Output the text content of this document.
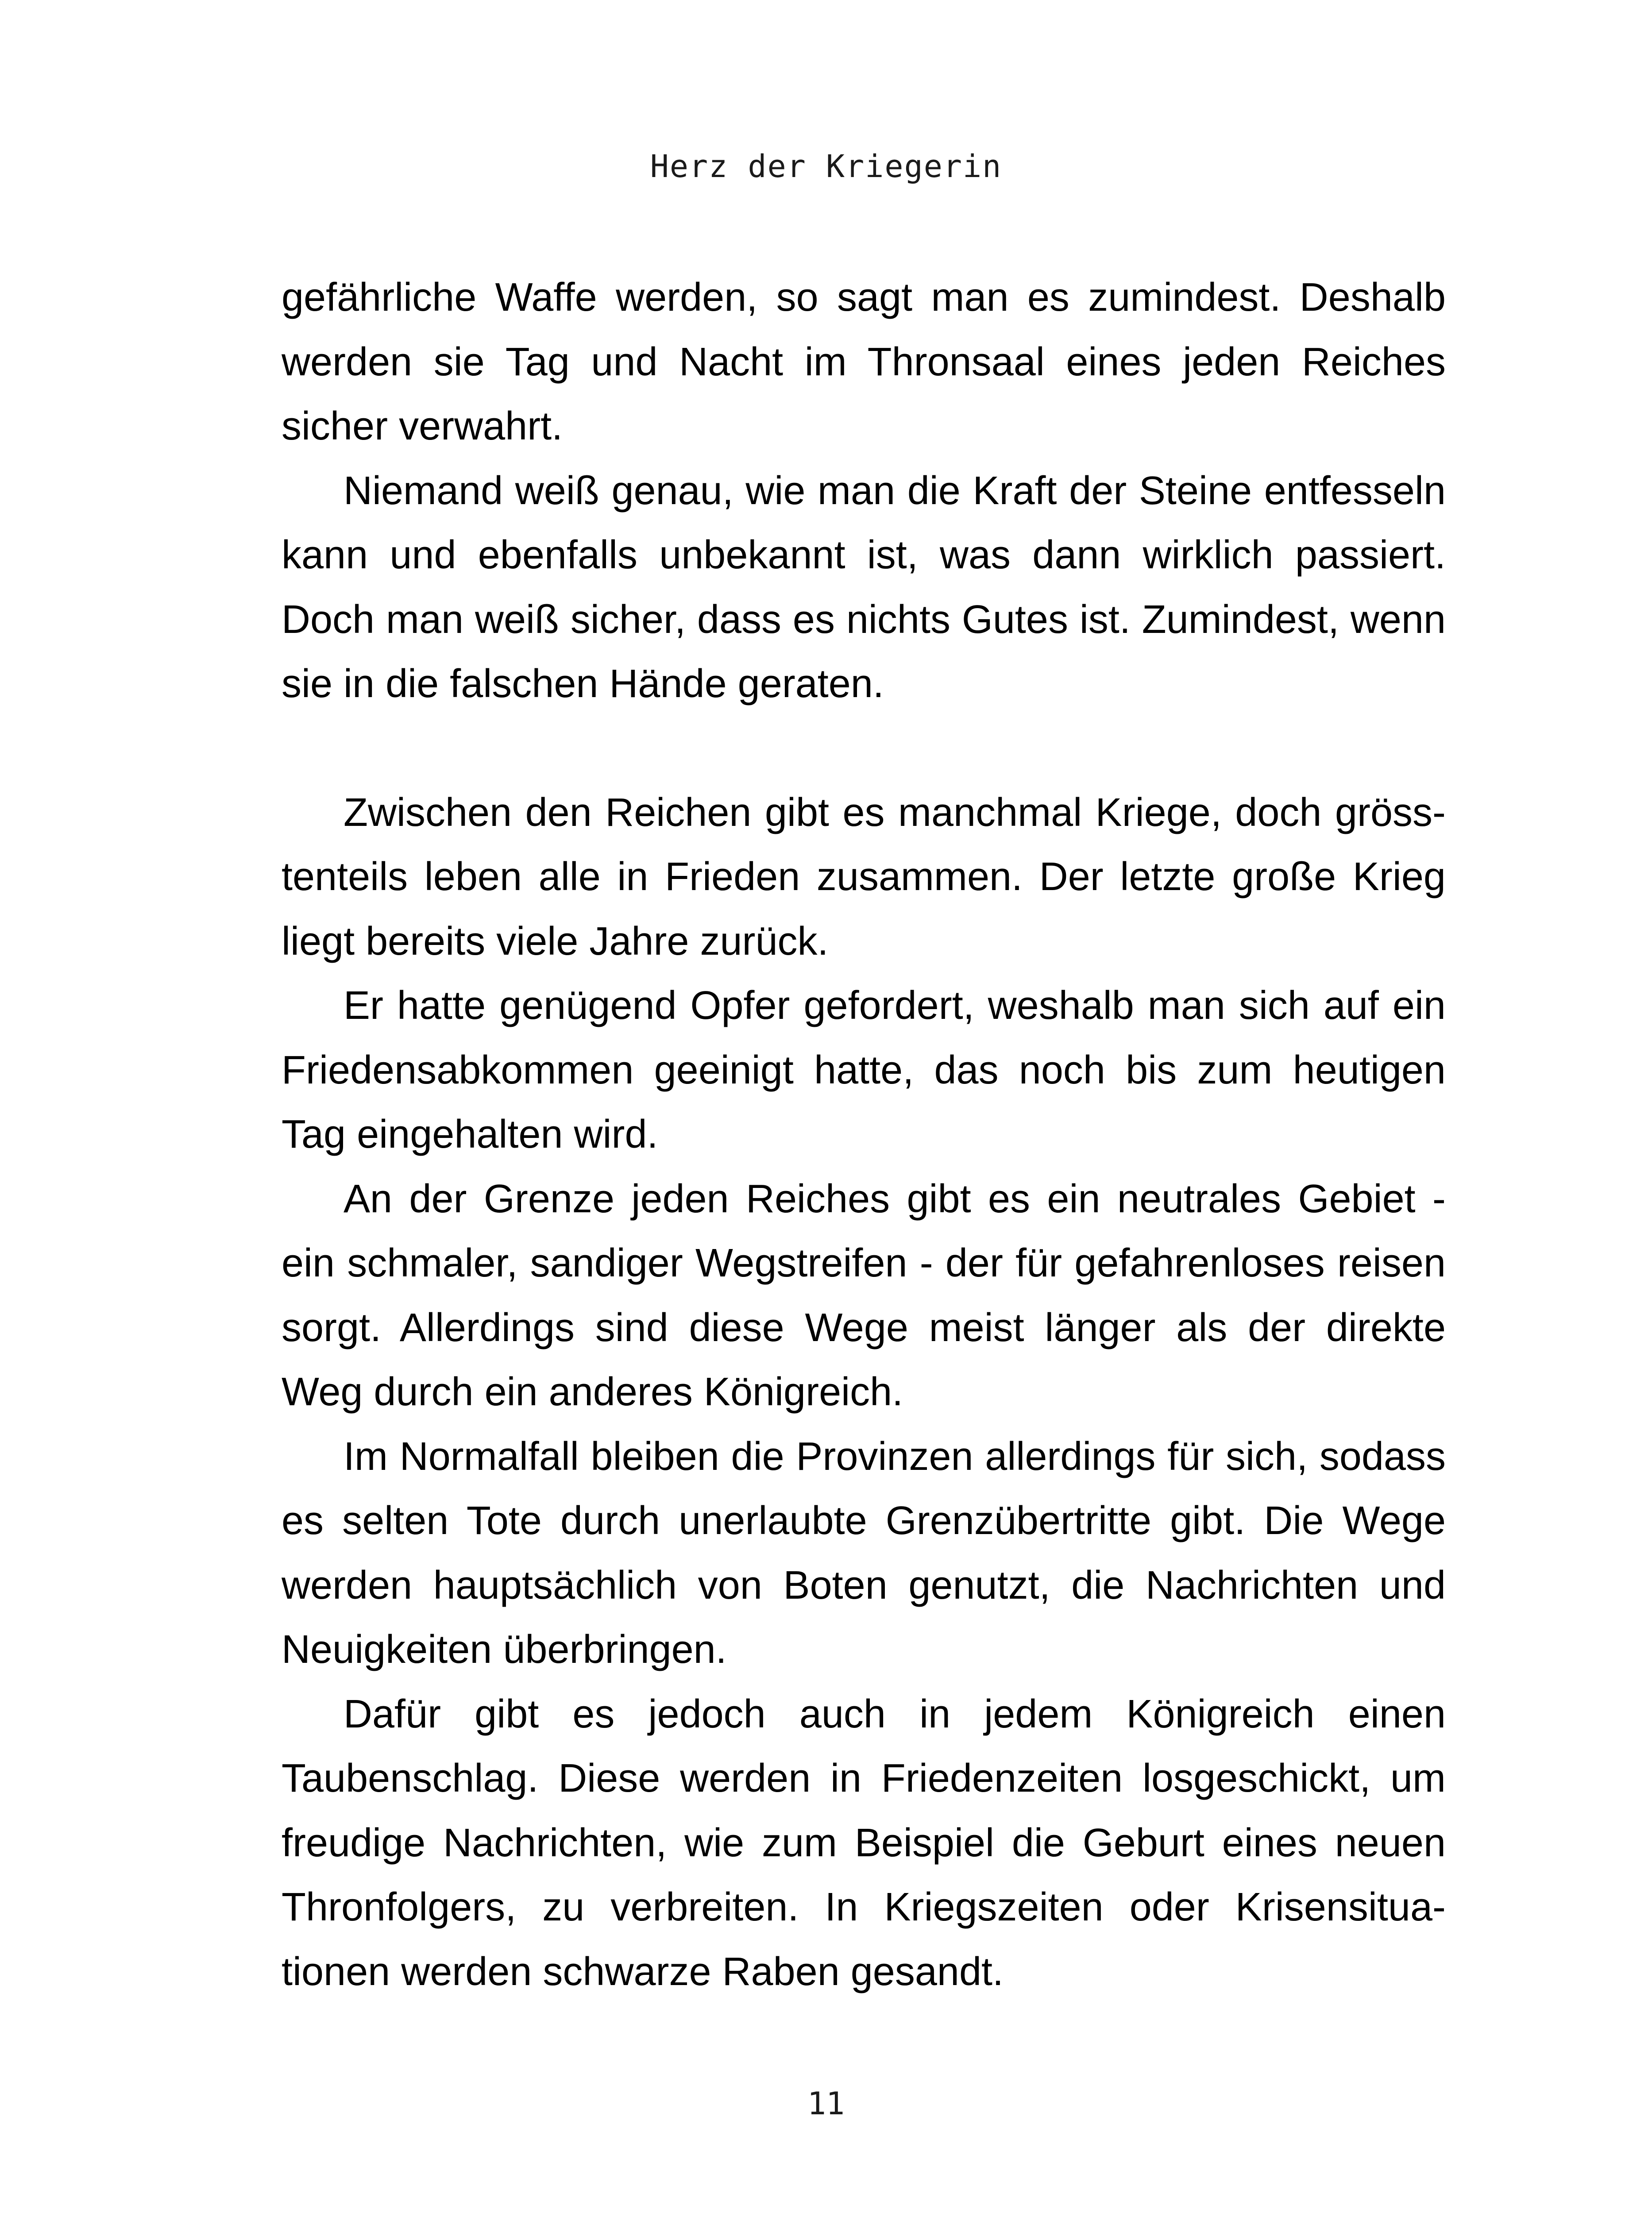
Herz der Kriegerin

gefährliche Waffe werden, so sagt man es zumindest. Deshalb werden sie Tag und Nacht im Thronsaal eines jeden Reiches sicher verwahrt.

Niemand weiß genau, wie man die Kraft der Steine entfesseln kann und ebenfalls unbekannt ist, was dann wirklich passiert. Doch man weiß sicher, dass es nichts Gutes ist. Zumindest, wenn sie in die falschen Hände geraten.

Zwischen den Reichen gibt es manchmal Kriege, doch grösstenteils leben alle in Frieden zusammen. Der letzte große Krieg liegt bereits viele Jahre zurück.

Er hatte genügend Opfer gefordert, weshalb man sich auf ein Friedensabkommen geeinigt hatte, das noch bis zum heutigen Tag eingehalten wird.

An der Grenze jeden Reiches gibt es ein neutrales Gebiet - ein schmaler, sandiger Wegstreifen - der für gefahrenloses reisen sorgt. Allerdings sind diese Wege meist länger als der direkte Weg durch ein anderes Königreich.

Im Normalfall bleiben die Provinzen allerdings für sich, sodass es selten Tote durch unerlaubte Grenzübertritte gibt. Die Wege werden hauptsächlich von Boten genutzt, die Nachrichten und Neuigkeiten überbringen.

Dafür gibt es jedoch auch in jedem Königreich einen Taubenschlag. Diese werden in Friedenzeiten losgeschickt, um freudige Nachrichten, wie zum Beispiel die Geburt eines neuen Thronfolgers, zu verbreiten. In Kriegszeiten oder Krisensituationen werden schwarze Raben gesandt.

11
